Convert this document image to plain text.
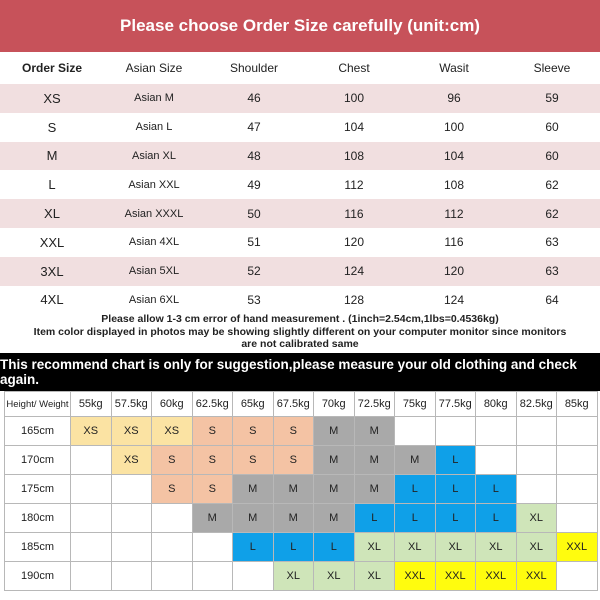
Please choose Order Size carefully (unit:cm)
Order Size	Asian Size	Shoulder	Chest	Wasit	Sleeve
XS	Asian M	46	100	96	59
S	Asian L	47	104	100	60
M	Asian XL	48	108	104	60
L	Asian XXL	49	112	108	62
XL	Asian XXXL	50	116	112	62
XXL	Asian 4XL	51	120	116	63
3XL	Asian 5XL	52	124	120	63
4XL	Asian 6XL	53	128	124	64
Please allow 1-3 cm error of hand measurement . (1inch=2.54cm,1lbs=0.4536kg)
Item color displayed in photos may be showing slightly different on your computer monitor since monitors
are not calibrated same
This recommend chart is only for suggestion,please measure your old clothing and check again.
Height/ Weight	55kg	57.5kg	60kg	62.5kg	65kg	67.5kg	70kg	72.5kg	75kg	77.5kg	80kg	82.5kg	85kg
165cm	XS	XS	XS	S	S	S	M	M					
170cm		XS	S	S	S	S	M	M	M	L			
175cm			S	S	M	M	M	M	L	L	L		
180cm				M	M	M	M	L	L	L	L	XL	
185cm					L	L	L	XL	XL	XL	XL	XL	XXL
190cm						XL	XL	XL	XXL	XXL	XXL	XXL	
